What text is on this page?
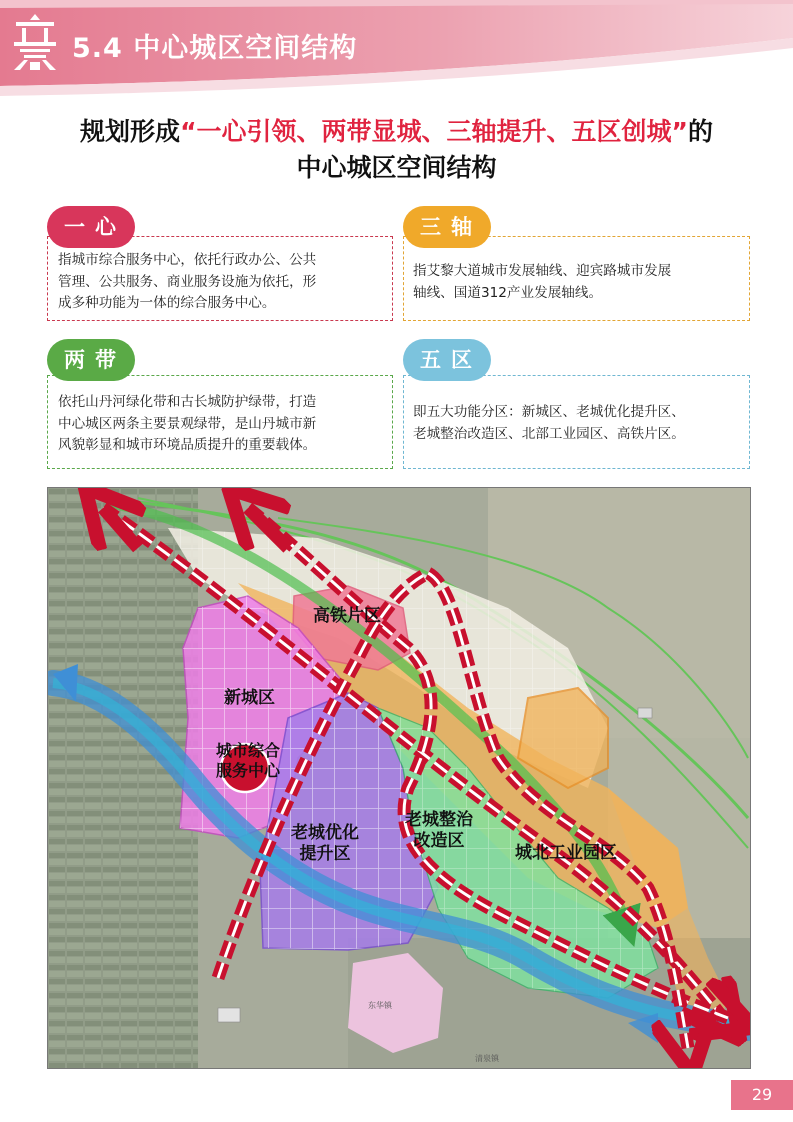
5.4 中心城区空间结构
规划形成“一心引领、两带显城、三轴提升、五区创城”的
中心城区空间结构
一心
指城市综合服务中心，依托行政办公、公共
管理、公共服务、商业服务设施为依托，形
成多种功能为一体的综合服务中心。
三轴
指艾黎大道城市发展轴线、迎宾路城市发展
轴线、国道312产业发展轴线。
两带
依托山丹河绿化带和古长城防护绿带，打造
中心城区两条主要景观绿带，是山丹城市新
风貌彰显和城市环境品质提升的重要载体。
五区
即五大功能分区：新城区、老城优化提升区、
老城整治改造区、北部工业园区、高铁片区。
高铁片区
新城区
城市综合
服务中心
老城优化
提升区
老城整治
改造区
城北工业园区
东华镇
清泉镇
29
